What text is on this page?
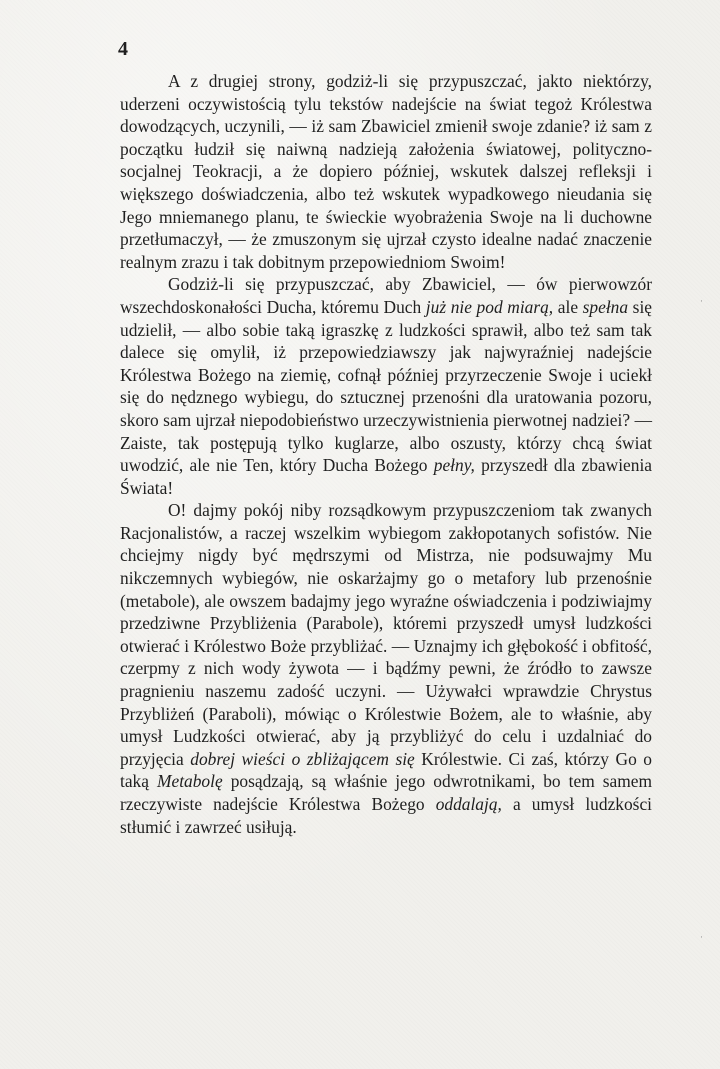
4

A z drugiej strony, godziż-li się przypuszczać, jakto niektórzy, uderzeni oczywistością tylu tekstów nadejście na świat tegoż Królestwa dowodzących, uczynili, — iż sam Zbawiciel zmienił swoje zdanie? iż sam z początku łudził się naiwną nadzieją założenia światowej, polityczno-socjalnej Teokracji, a że dopiero później, wskutek dalszej refleksji i większego doświadczenia, albo też wskutek wypadkowego nieudania się Jego mniemanego planu, te świeckie wyobrażenia Swoje na li duchowne przetłumaczył, — że zmuszonym się ujrzał czysto idealne nadać znaczenie realnym zrazu i tak dobitnym przepowiedniom Swoim!

Godziż-li się przypuszczać, aby Zbawiciel, — ów pierwowzór wszechdoskonałości Ducha, któremu Duch już nie pod miarą, ale spełna się udzielił, — albo sobie taką igraszkę z ludzkości sprawił, albo też sam tak dalece się omylił, iż przepowiedziawszy jak najwyraźniej nadejście Królestwa Bożego na ziemię, cofnął później przyrzeczenie Swoje i uciekł się do nędznego wybiegu, do sztucznej przenośni dla uratowania pozoru, skoro sam ujrzał niepodobieństwo urzeczywistnienia pierwotnej nadziei? — Zaiste, tak postępują tylko kuglarze, albo oszusty, którzy chcą świat uwodzić, ale nie Ten, który Ducha Bożego pełny, przyszedł dla zbawienia Świata!

O! dajmy pokój niby rozsądkowym przypuszczeniom tak zwanych Racjonalistów, a raczej wszelkim wybiegom zakłopotanych sofistów. Nie chciejmy nigdy być mędrszymi od Mistrza, nie podsuwajmy Mu nikczemnych wybiegów, nie oskarżajmy go o metafory lub przenośnie (metabole), ale owszem badajmy jego wyraźne oświadczenia i podziwiajmy przedziwne Przybliżenia (Parabole), któremi przyszedł umysł ludzkości otwierać i Królestwo Boże przybliżać. — Uznajmy ich głębokość i obfitość, czerpmy z nich wody żywota — i bądźmy pewni, że źródło to zawsze pragnieniu naszemu zadość uczyni. — Używałci wprawdzie Chrystus Przybliżeń (Paraboli), mówiąc o Królestwie Bożem, ale to właśnie, aby umysł Ludzkości otwierać, aby ją przybliżyć do celu i uzdalniać do przyjęcia dobrej wieści o zbliżającem się Królestwie. Ci zaś, którzy Go o taką Metabolę posądzają, są właśnie jego odwrotnikami, bo tem samem rzeczywiste nadejście Królestwa Bożego oddalają, a umysł ludzkości stłumić i zawrzeć usiłują.

·
·
